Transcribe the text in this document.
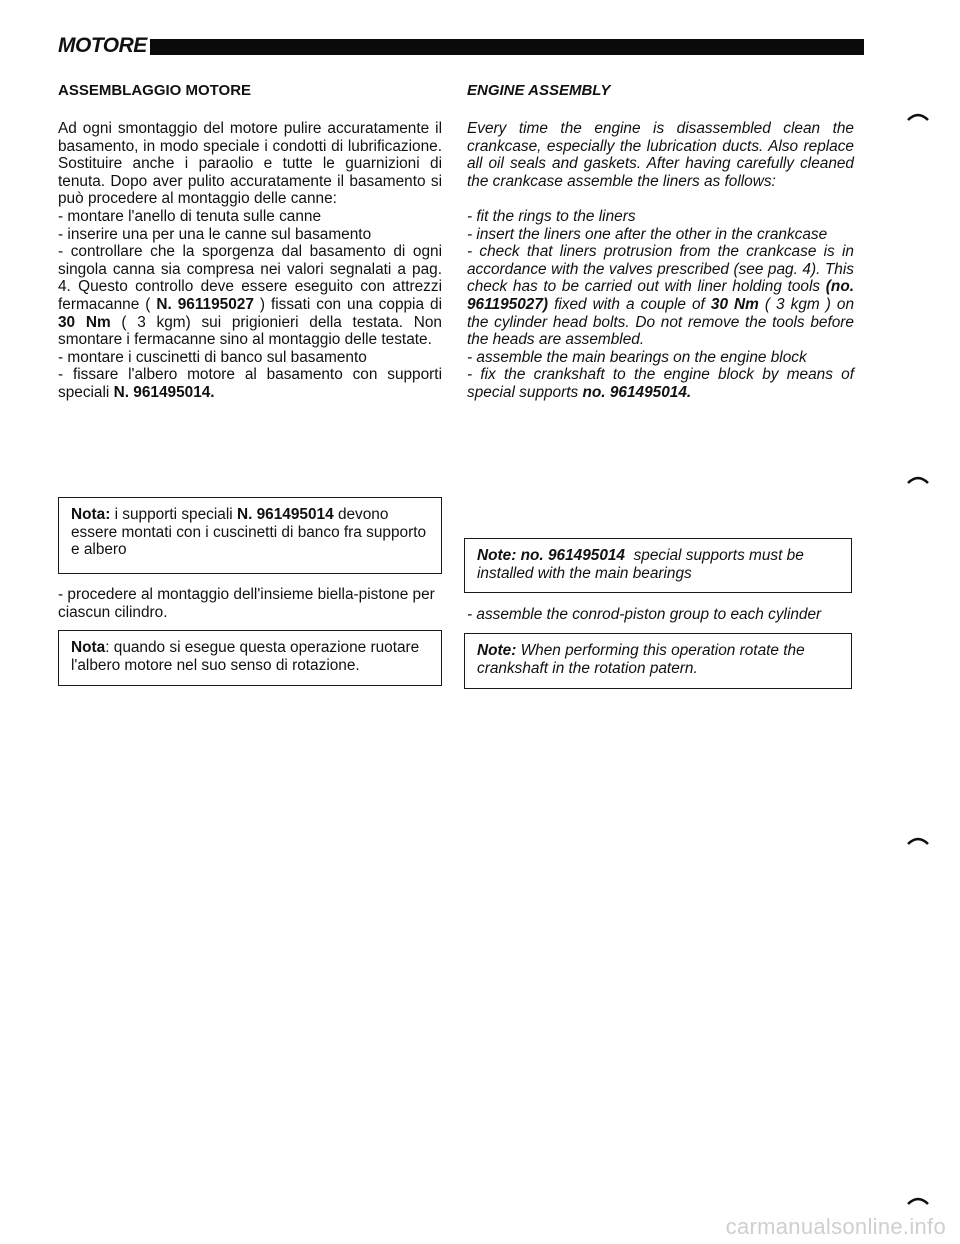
MOTORE
ASSEMBLAGGIO MOTORE

Ad ogni smontaggio del motore pulire accuratamente il basamento, in modo speciale i condotti di lubrificazione. Sostituire anche i paraolio e tutte le guarnizioni di tenuta. Dopo aver pulito accuratamente il basamento si può procedere al montaggio delle canne:

- montare l'anello di tenuta sulle canne

- inserire una per una le canne sul basamento

- controllare che la sporgenza dal basamento di ogni singola canna sia compresa nei valori segnalati a pag. 4. Questo controllo deve essere eseguito con attrezzi fermacanne ( N. 961195027 ) fissati con una coppia di 30 Nm ( 3 kgm) sui prigionieri della testata. Non smontare i fermacanne sino al montaggio delle testate.

- montare i cuscinetti di banco sul basamento

- fissare l'albero motore al basamento con supporti speciali N. 961495014.

Nota: i supporti speciali N. 961495014 devono essere montati con i cuscinetti di banco fra supporto e albero
- procedere al montaggio dell'insieme biella-pistone per ciascun cilindro.
Nota: quando si esegue questa operazione ruotare l'albero motore nel suo senso di rotazione.
ENGINE ASSEMBLY

Every time the engine is disassembled clean the crankcase, especially the lubrication ducts. Also replace all oil seals and gaskets. After having carefully cleaned the crankcase assemble the liners as follows:

- fit the rings to the liners

- insert the liners one after the other in the crankcase

- check that liners protrusion from the crankcase is in accordance with the valves prescribed (see pag. 4). This check has to be carried out with liner holding tools (no. 961195027) fixed with a couple of 30 Nm ( 3 kgm ) on the cylinder head bolts. Do not remove the tools before the heads are assembled.

- assemble the main bearings on the engine block

- fix the crankshaft to the engine block by means of special supports no. 961495014.

Note: no. 961495014 special supports must be installed with the main bearings
- assemble the conrod-piston group to each cylinder
Note: When performing this operation rotate the crankshaft in the rotation patern.
carmanualsonline.info
